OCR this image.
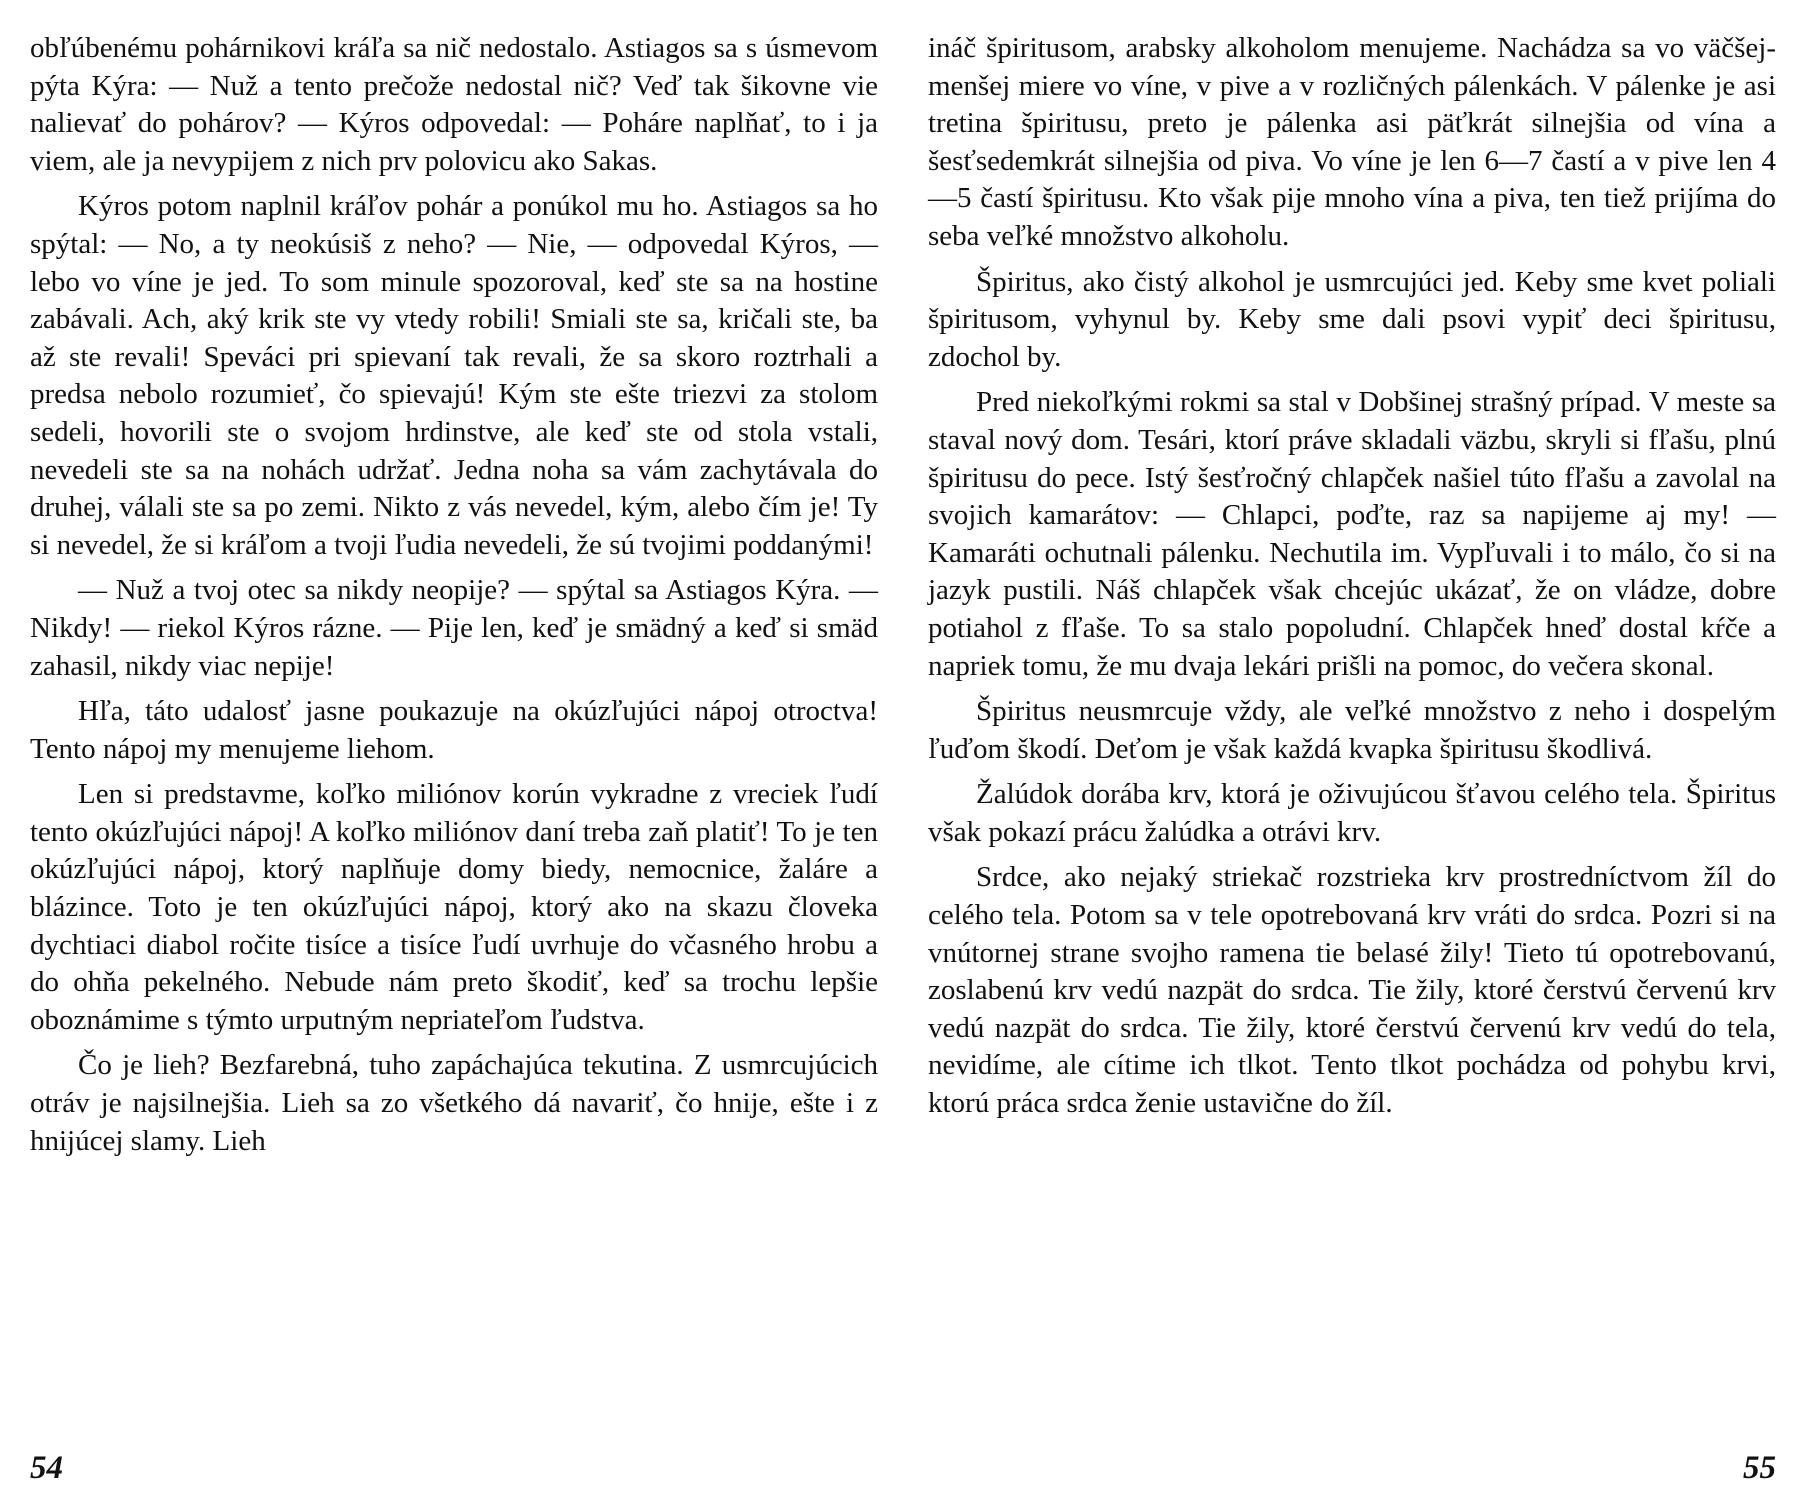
obľúbenému pohárnikovi kráľa sa nič nedostalo. Astiagos sa s úsmevom pýta Kýra: — Nuž a tento prečože nedostal nič? Veď tak šikovne vie nalievať do pohárov? — Kýros odpovedal: — Poháre naplňať, to i ja viem, ale ja nevypijem z nich prv polovicu ako Sakas.

Kýros potom naplnil kráľov pohár a ponúkol mu ho. Astiagos sa ho spýtal: — No, a ty neokúsiš z neho? — Nie, — odpovedal Kýros, — lebo vo víne je jed. To som minule spozoroval, keď ste sa na hostine zabávali. Ach, aký krik ste vy vtedy robili! Smiali ste sa, kričali ste, ba až ste revali! Speváci pri spievaní tak revali, že sa skoro roztrhali a predsa nebolo rozumieť, čo spievajú! Kým ste ešte triezvi za stolom sedeli, hovorili ste o svojom hrdinstve, ale keď ste od stola vstali, nevedeli ste sa na nohách udržať. Jedna noha sa vám zachytávala do druhej, válali ste sa po zemi. Nikto z vás nevedel, kým, alebo čím je! Ty si nevedel, že si kráľom a tvoji ľudia nevedeli, že sú tvojimi poddanými!

— Nuž a tvoj otec sa nikdy neopije? — spýtal sa Astiagos Kýra. — Nikdy! — riekol Kýros rázne. — Pije len, keď je smädný a keď si smäd zahasil, nikdy viac nepije!

Hľa, táto udalosť jasne poukazuje na okúzľujúci nápoj otroctva! Tento nápoj my menujeme liehom.

Len si predstavme, koľko miliónov korún vykradne z vreciek ľudí tento okúzľujúci nápoj! A koľko miliónov daní treba zaň platiť! To je ten okúzľujúci nápoj, ktorý naplňuje domy biedy, nemocnice, žaláre a blázince. Toto je ten okúzľujúci nápoj, ktorý ako na skazu človeka dychtiaci diabol ročite tisíce a tisíce ľudí uvrhuje do včasného hrobu a do ohňa pekelného. Nebude nám preto škodiť, keď sa trochu lepšie oboznámime s týmto urputným nepriateľom ľudstva.

Čo je lieh? Bezfarebná, tuho zapáchajúca tekutina. Z usmrcujúcich otráv je najsilnejšia. Lieh sa zo všetkého dá navariť, čo hnije, ešte i z hnijúcej slamy. Lieh

54

ináč špiritusom, arabsky alkoholom menujeme. Nachádza sa vo väčšej-menšej miere vo víne, v pive a v rozličných pálenkách. V pálenke je asi tretina špiritusu, preto je pálenka asi päťkrát silnejšia od vína a šesťsedemkrát silnejšia od piva. Vo víne je len 6—7 častí a v pive len 4—5 častí špiritusu. Kto však pije mnoho vína a piva, ten tiež prijíma do seba veľké množstvo alkoholu.

Špiritus, ako čistý alkohol je usmrcujúci jed. Keby sme kvet poliali špiritusom, vyhynul by. Keby sme dali psovi vypiť deci špiritusu, zdochol by.

Pred niekoľkými rokmi sa stal v Dobšinej strašný prípad. V meste sa staval nový dom. Tesári, ktorí práve skladali väzbu, skryli si fľašu, plnú špiritusu do pece. Istý šesťročný chlapček našiel túto fľašu a zavolal na svojich kamarátov: — Chlapci, poďte, raz sa napijeme aj my! — Kamaráti ochutnali pálenku. Nechutila im. Vypľuvali i to málo, čo si na jazyk pustili. Náš chlapček však chcejúc ukázať, že on vládze, dobre potiahol z fľaše. To sa stalo popoludní. Chlapček hneď dostal kŕče a napriek tomu, že mu dvaja lekári prišli na pomoc, do večera skonal.

Špiritus neusmrcuje vždy, ale veľké množstvo z neho i dospelým ľuďom škodí. Deťom je však každá kvapka špiritusu škodlivá.

Žalúdok dorába krv, ktorá je oživujúcou šťavou celého tela. Špiritus však pokazí prácu žalúdka a otrávi krv.

Srdce, ako nejaký striekač rozstrieka krv prostredníctvom žíl do celého tela. Potom sa v tele opotrebovaná krv vráti do srdca. Pozri si na vnútornej strane svojho ramena tie belasé žily! Tieto tú opotrebovanú, zoslabenú krv vedú nazpät do srdca. Tie žily, ktoré čerstvú červenú krv vedú nazpät do srdca. Tie žily, ktoré čerstvú červenú krv vedú do tela, nevidíme, ale cítime ich tlkot. Tento tlkot pochádza od pohybu krvi, ktorú práca srdca ženie ustavične do žíl.

55
